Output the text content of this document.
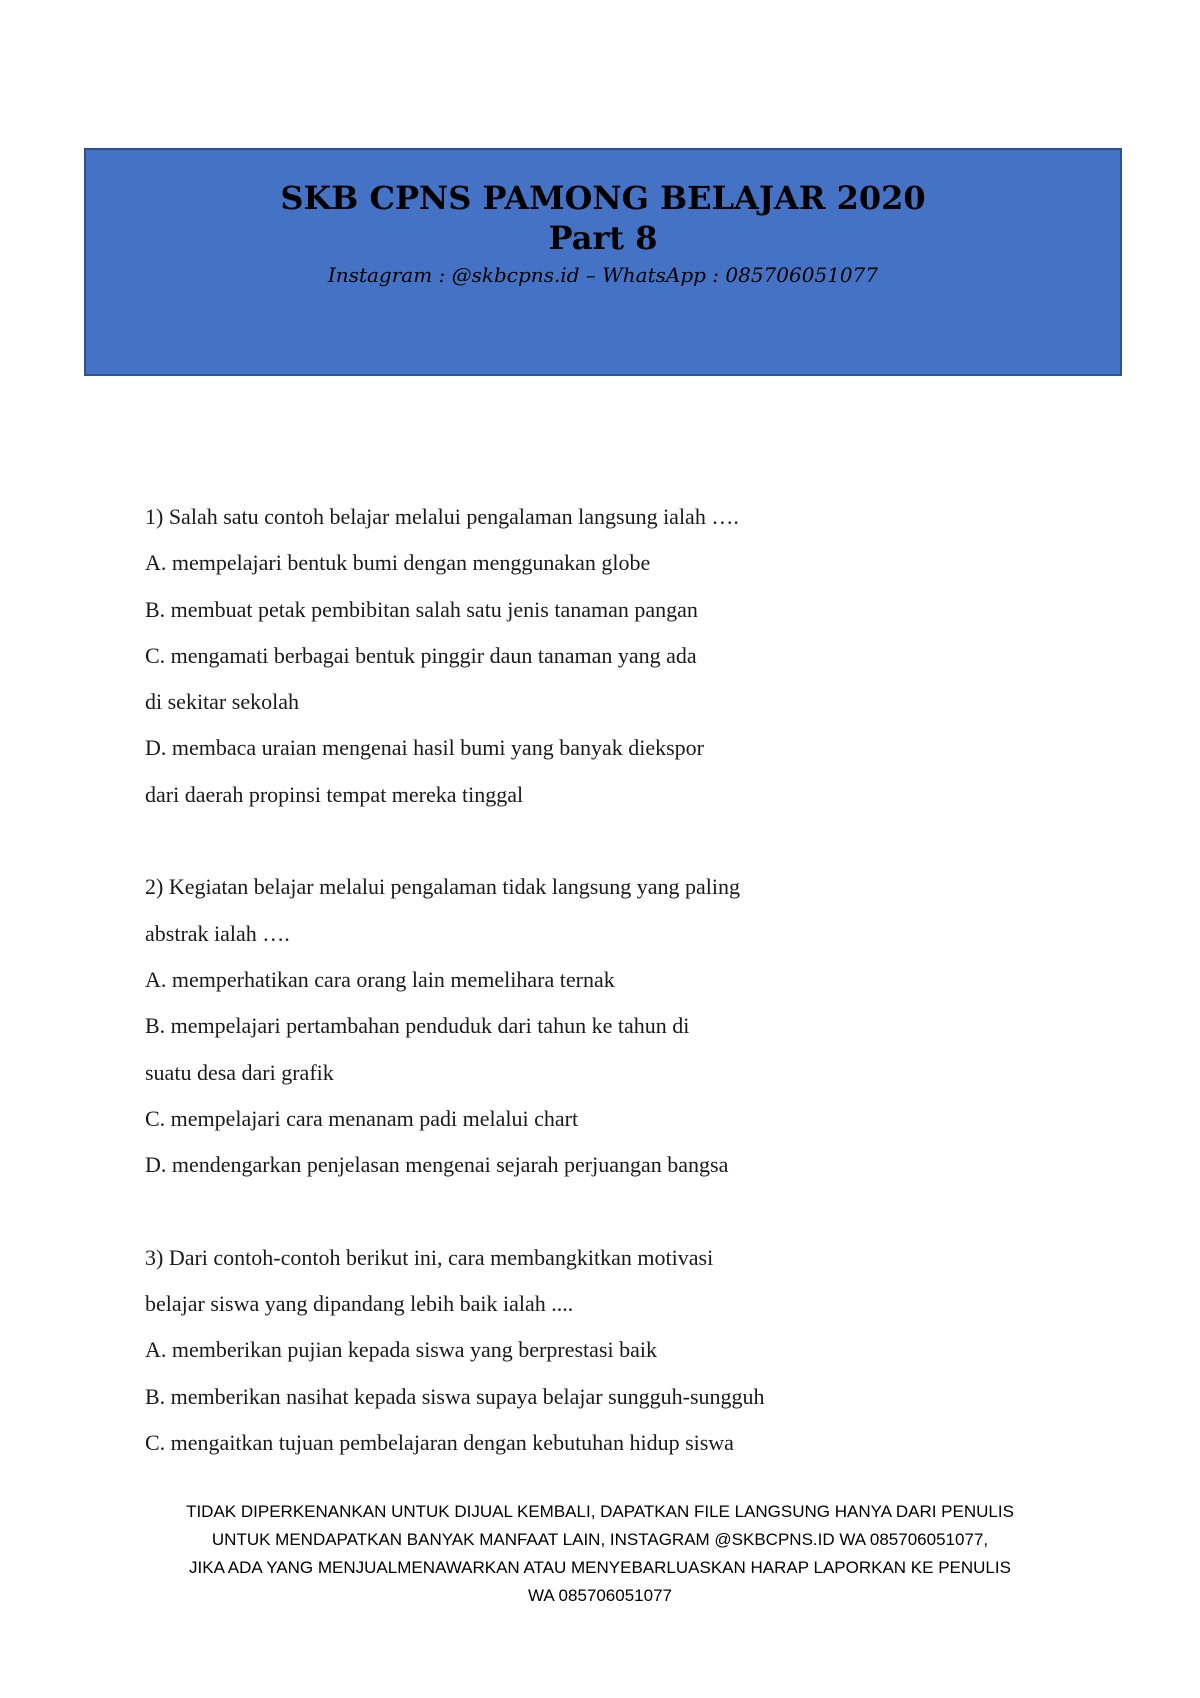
SKB CPNS PAMONG BELAJAR 2020
Part 8
Instagram : @skbcpns.id – WhatsApp : 085706051077
1) Salah satu contoh belajar melalui pengalaman langsung ialah ….
A. mempelajari bentuk bumi dengan menggunakan globe
B. membuat petak pembibitan salah satu jenis tanaman pangan
C. mengamati berbagai bentuk pinggir daun tanaman yang ada
di sekitar sekolah
D. membaca uraian mengenai hasil bumi yang banyak diekspor
dari daerah propinsi tempat mereka tinggal
2) Kegiatan belajar melalui pengalaman tidak langsung yang paling
abstrak ialah ….
A. memperhatikan cara orang lain memelihara ternak
B. mempelajari pertambahan penduduk dari tahun ke tahun di
suatu desa dari grafik
C. mempelajari cara menanam padi melalui chart
D. mendengarkan penjelasan mengenai sejarah perjuangan bangsa
3) Dari contoh-contoh berikut ini, cara membangkitkan motivasi
belajar siswa yang dipandang lebih baik ialah ....
A. memberikan pujian kepada siswa yang berprestasi baik
B. memberikan nasihat kepada siswa supaya belajar sungguh-sungguh
C. mengaitkan tujuan pembelajaran dengan kebutuhan hidup siswa
TIDAK DIPERKENANKAN UNTUK DIJUAL KEMBALI, DAPATKAN FILE LANGSUNG HANYA DARI PENULIS
UNTUK MENDAPATKAN BANYAK MANFAAT LAIN, INSTAGRAM @SKBCPNS.ID WA 085706051077,
JIKA ADA YANG MENJUALMENAWARKAN ATAU MENYEBARLUASKAN HARAP LAPORKAN KE PENULIS
WA 085706051077
